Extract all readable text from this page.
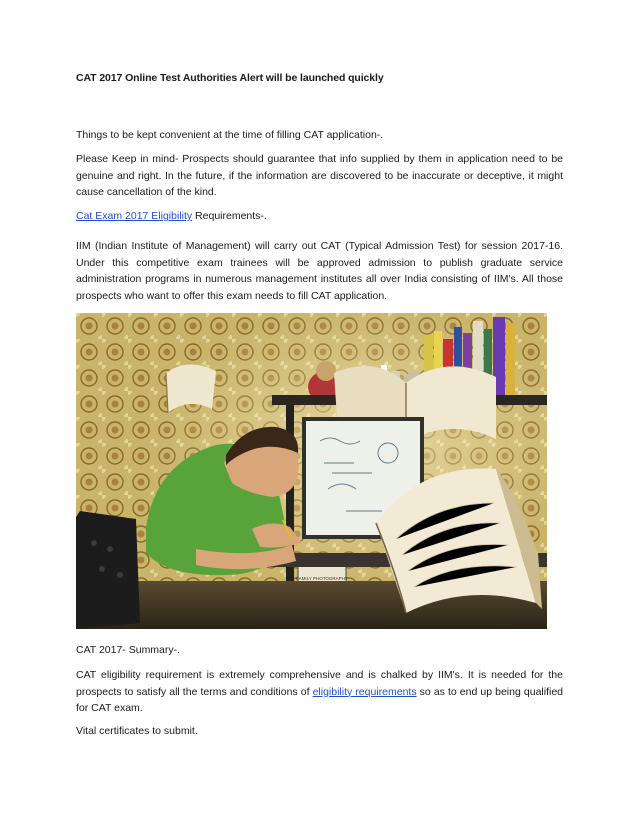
CAT 2017 Online Test Authorities Alert will be launched quickly

Things to be kept convenient at the time of filling CAT application-.

Please Keep in mind- Prospects should guarantee that info supplied by them in application need to be genuine and right. In the future, if the information are discovered to be inaccurate or deceptive, it might cause cancellation of the kind.

Cat Exam 2017 Eligibility Requirements-.

IIM (Indian Institute of Management) will carry out CAT (Typical Admission Test) for session 2017-16. Under this competitive exam trainees will be approved admission to publish graduate service administration programs in numerous management institutes all over India consisting of IIM's. All those prospects who want to offer this exam needs to fill CAT application.

FAMILY PHOTOGRAPHY

CAT 2017- Summary-.

CAT eligibility requirement is extremely comprehensive and is chalked by IIM's. It is needed for the prospects to satisfy all the terms and conditions of eligibility requirements so as to end up being qualified for CAT exam.

Vital certificates to submit.
